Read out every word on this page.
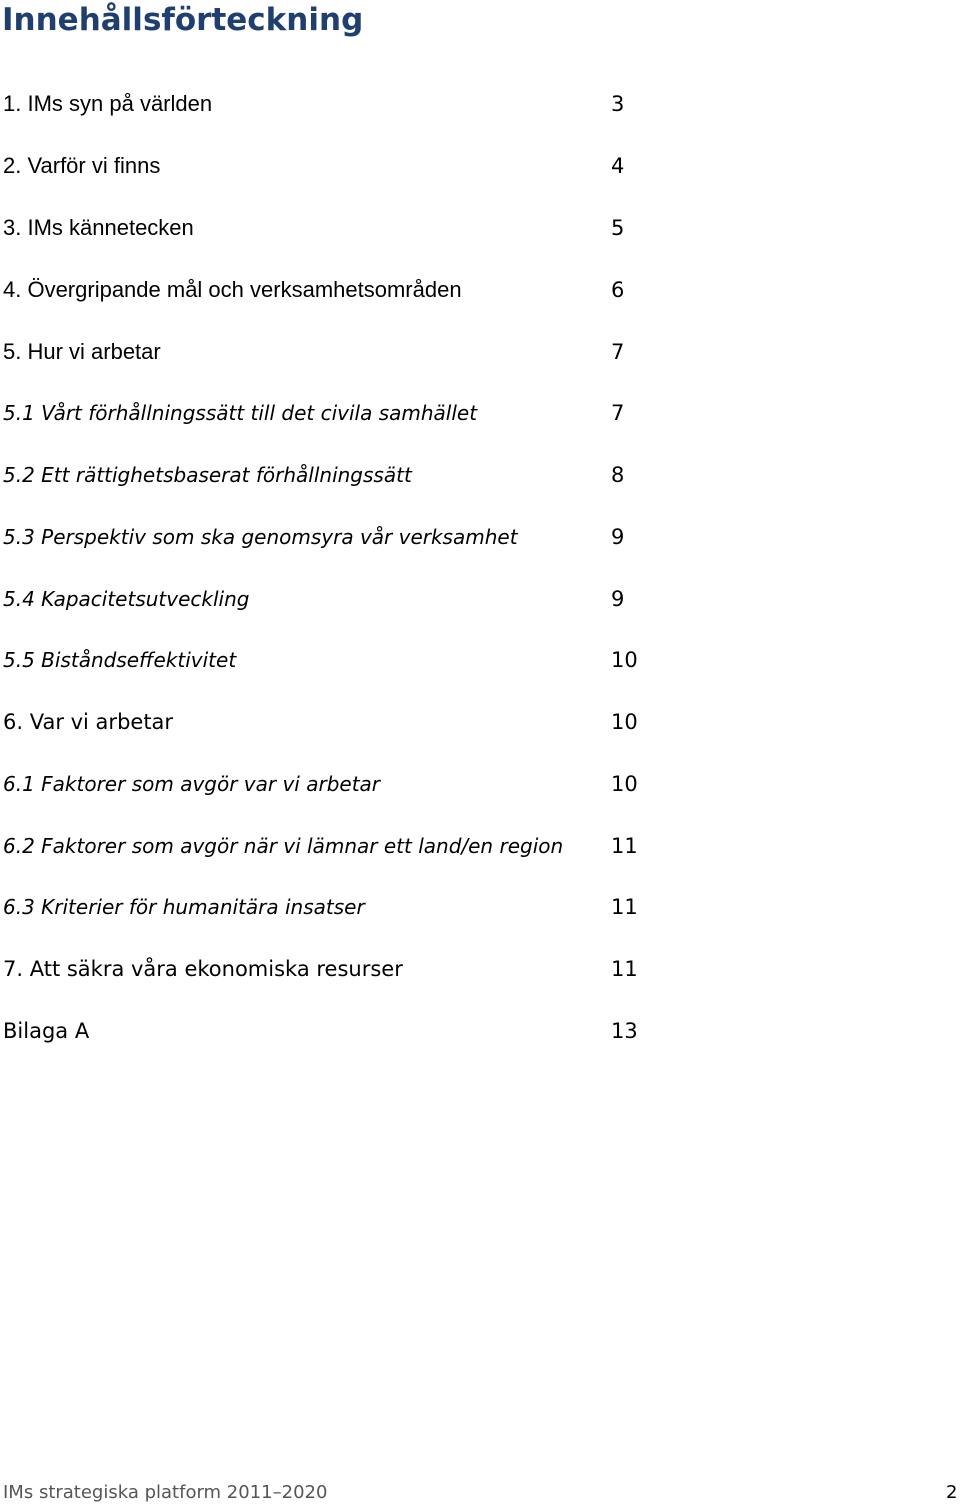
Innehållsförteckning
1. IMs syn på världen	3
2. Varför vi finns	4
3. IMs kännetecken	5
4. Övergripande mål och verksamhetsområden	6
5. Hur vi arbetar	7
5.1 Vårt förhållningssätt till det civila samhället	7
5.2 Ett rättighetsbaserat förhållningssätt	8
5.3 Perspektiv som ska genomsyra vår verksamhet	9
5.4 Kapacitetsutveckling	9
5.5 Biståndseffektivitet	10
6. Var vi arbetar	10
6.1 Faktorer som avgör var vi arbetar	10
6.2 Faktorer som avgör när vi lämnar ett land/en region 11
6.3 Kriterier för humanitära insatser	11
7. Att säkra våra ekonomiska resurser	11
Bilaga A	13
IMs strategiska platform 2011–2020	2
